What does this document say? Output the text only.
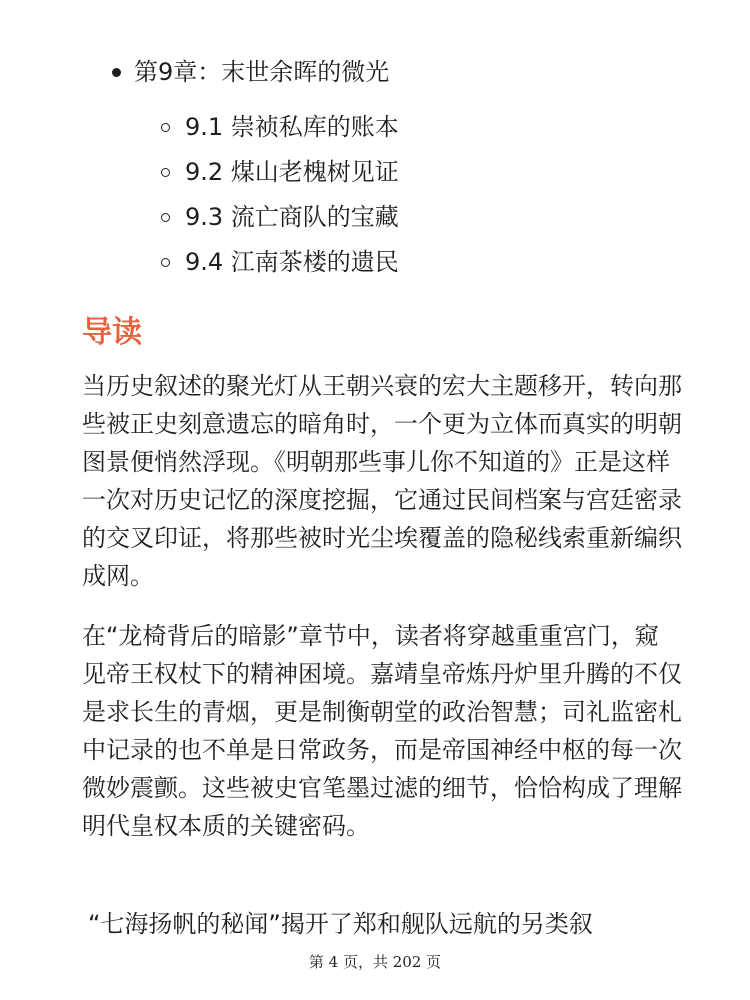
第9章：末世余晖的微光
9.1 崇祯私库的账本
9.2 煤山老槐树见证
9.3 流亡商队的宝藏
9.4 江南茶楼的遗民
导读

当历史叙述的聚光灯从王朝兴衰的宏大主题移开，转向那些被正史刻意遗忘的暗角时，一个更为立体而真实的明朝图景便悄然浮现。《明朝那些事儿你不知道的》正是这样一次对历史记忆的深度挖掘，它通过民间档案与宫廷密录的交叉印证，将那些被时光尘埃覆盖的隐秘线索重新编织成网。

在“龙椅背后的暗影”章节中，读者将穿越重重宫门，窥见帝王权杖下的精神困境。嘉靖皇帝炼丹炉里升腾的不仅是求长生的青烟，更是制衡朝堂的政治智慧；司礼监密札中记录的也不单是日常政务，而是帝国神经中枢的每一次微妙震颤。这些被史官笔墨过滤的细节，恰恰构成了理解明代皇权本质的关键密码。

“七海扬帆的秘闻”揭开了郑和舰队远航的另类叙

第 4 页，共 202 页
